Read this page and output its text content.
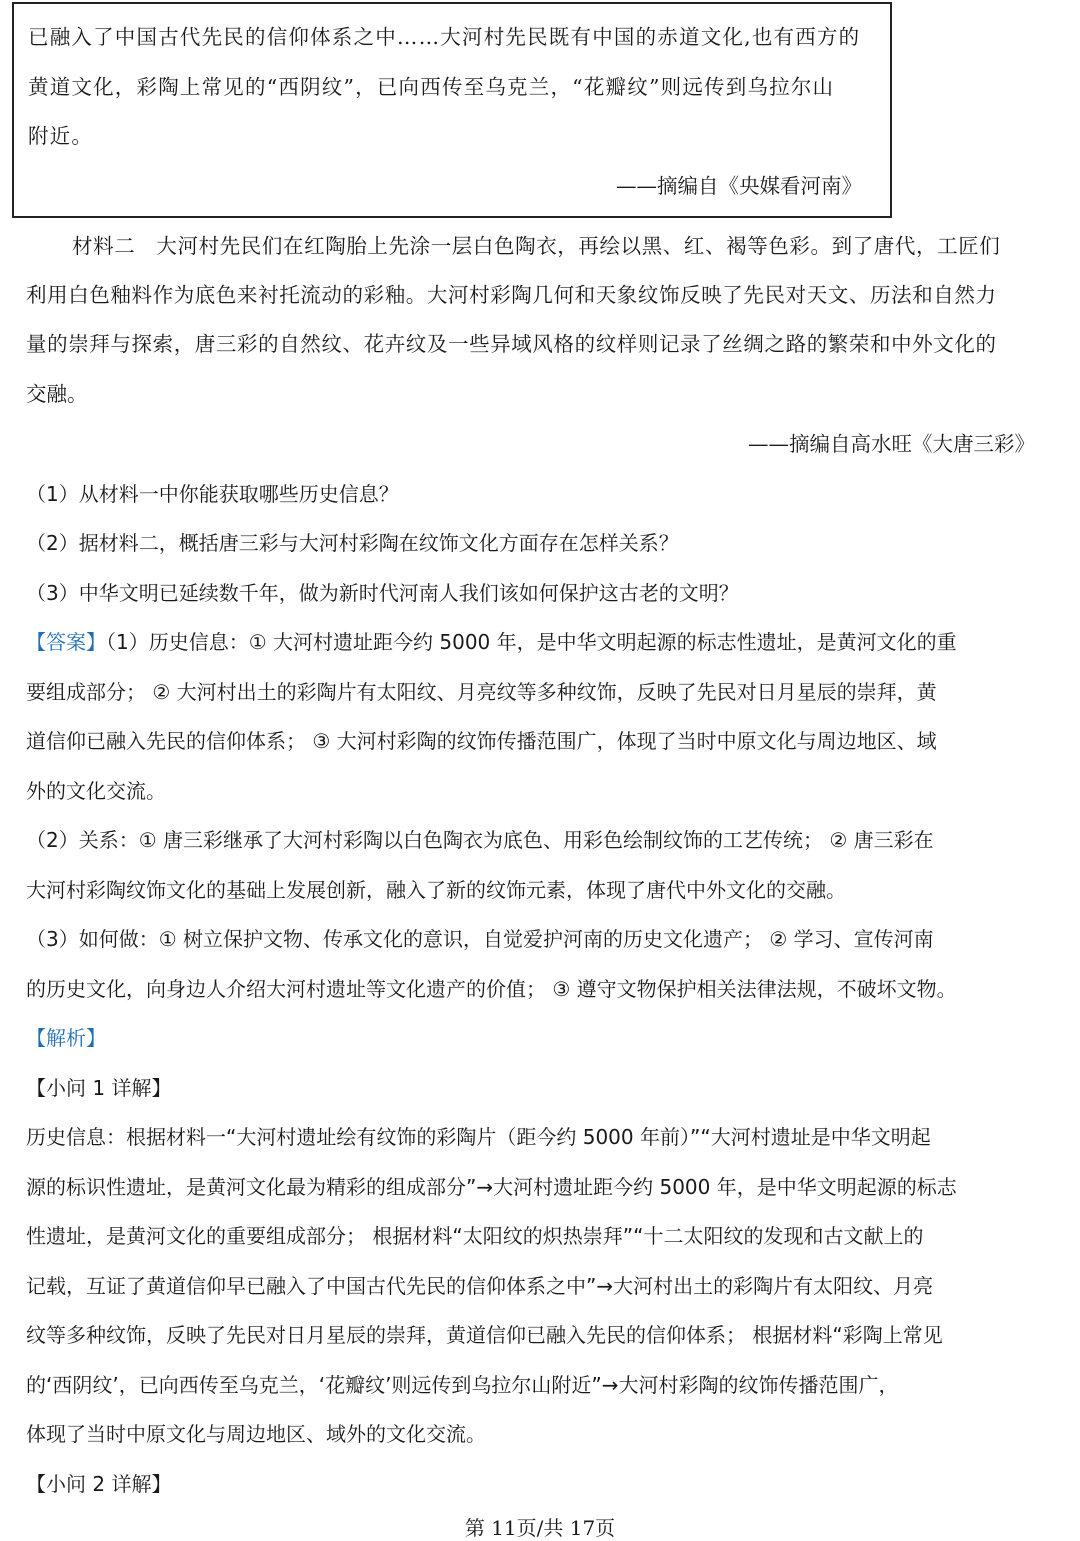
已融入了中国古代先民的信仰体系之中……大河村先民既有中国的赤道文化,也有西方的
黄道文化，彩陶上常见的“西阴纹”，已向西传至乌克兰，“花瓣纹”则远传到乌拉尔山
附近。
——摘编自《央媒看河南》
材料二　大河村先民们在红陶胎上先涂一层白色陶衣，再绘以黑、红、褐等色彩。到了唐代，工匠们
利用白色釉料作为底色来衬托流动的彩釉。大河村彩陶几何和天象纹饰反映了先民对天文、历法和自然力
量的崇拜与探索，唐三彩的自然纹、花卉纹及一些异域风格的纹样则记录了丝绸之路的繁荣和中外文化的
交融。
——摘编自高水旺《大唐三彩》
（1）从材料一中你能获取哪些历史信息？
（2）据材料二，概括唐三彩与大河村彩陶在纹饰文化方面存在怎样关系？
（3）中华文明已延续数千年，做为新时代河南人我们该如何保护这古老的文明？
【答案】（1）历史信息：① 大河村遗址距今约 5000 年，是中华文明起源的标志性遗址，是黄河文化的重
要组成部分； ② 大河村出土的彩陶片有太阳纹、月亮纹等多种纹饰，反映了先民对日月星辰的崇拜，黄
道信仰已融入先民的信仰体系； ③ 大河村彩陶的纹饰传播范围广，体现了当时中原文化与周边地区、域
外的文化交流。
（2）关系：① 唐三彩继承了大河村彩陶以白色陶衣为底色、用彩色绘制纹饰的工艺传统； ② 唐三彩在
大河村彩陶纹饰文化的基础上发展创新，融入了新的纹饰元素，体现了唐代中外文化的交融。
（3）如何做：① 树立保护文物、传承文化的意识，自觉爱护河南的历史文化遗产； ② 学习、宣传河南
的历史文化，向身边人介绍大河村遗址等文化遗产的价值； ③ 遵守文物保护相关法律法规，不破坏文物。
【解析】
【小问 1 详解】
历史信息：根据材料一“大河村遗址绘有纹饰的彩陶片（距今约 5000 年前）”“大河村遗址是中华文明起
源的标识性遗址，是黄河文化最为精彩的组成部分”→大河村遗址距今约 5000 年，是中华文明起源的标志
性遗址，是黄河文化的重要组成部分； 根据材料“太阳纹的炽热崇拜”“十二太阳纹的发现和古文献上的
记载，互证了黄道信仰早已融入了中国古代先民的信仰体系之中”→大河村出土的彩陶片有太阳纹、月亮
纹等多种纹饰，反映了先民对日月星辰的崇拜，黄道信仰已融入先民的信仰体系； 根据材料“彩陶上常见
的‘西阴纹’，已向西传至乌克兰，‘花瓣纹’则远传到乌拉尔山附近”→大河村彩陶的纹饰传播范围广，
体现了当时中原文化与周边地区、域外的文化交流。
【小问 2 详解】
第 11页/共 17页
